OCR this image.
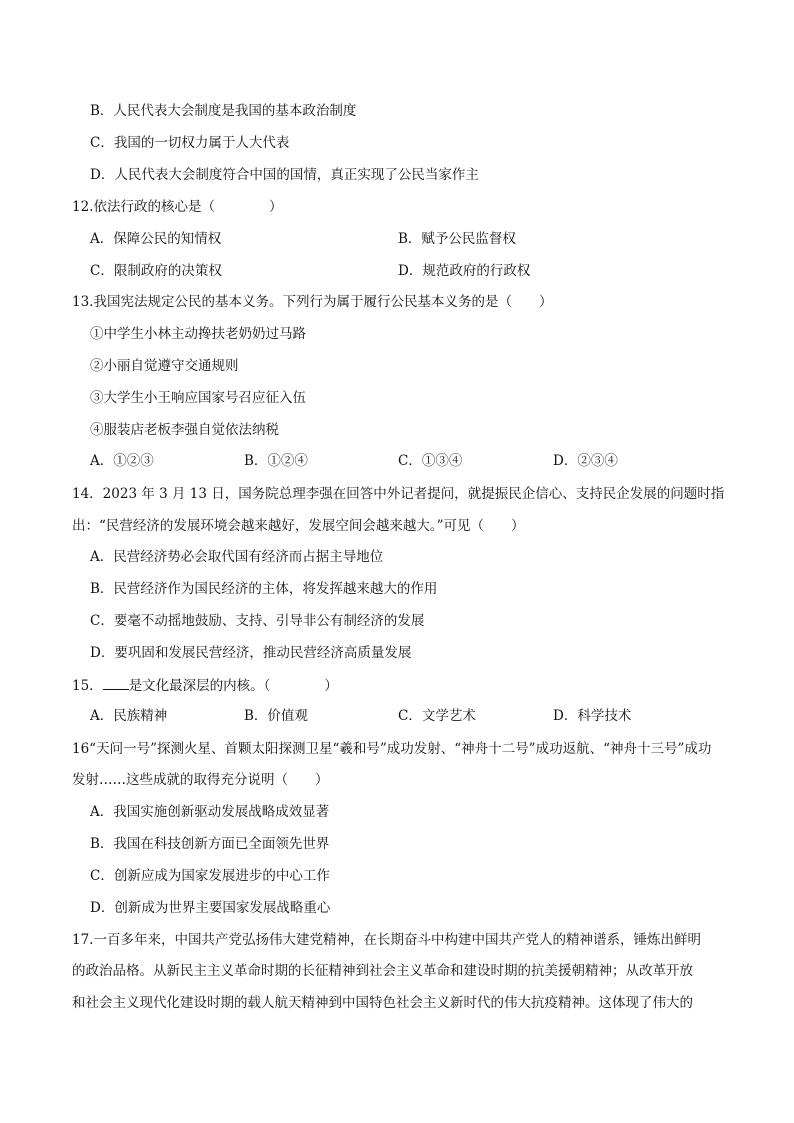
B．人民代表大会制度是我国的基本政治制度
C．我国的一切权力属于人大代表
D．人民代表大会制度符合中国的国情，真正实现了公民当家作主
12.依法行政的核心是（　　　　）
A．保障公民的知情权	B．赋予公民监督权
C．限制政府的决策权	D．规范政府的行政权
13.我国宪法规定公民的基本义务。下列行为属于履行公民基本义务的是（　　）
①中学生小林主动搀扶老奶奶过马路
②小丽自觉遵守交通规则
③大学生小王响应国家号召应征入伍
④服装店老板李强自觉依法纳税
A．①②③	B．①②④	C．①③④	D．②③④
14．2023 年 3 月 13 日，国务院总理李强在回答中外记者提问，就提振民企信心、支持民企发展的问题时指
出：“民营经济的发展环境会越来越好，发展空间会越来越大。”可见（　　）
A．民营经济势必会取代国有经济而占据主导地位
B．民营经济作为国民经济的主体，将发挥越来越大的作用
C．要毫不动摇地鼓励、支持、引导非公有制经济的发展
D．要巩固和发展民营经济，推动民营经济高质量发展
15． 是文化最深层的内核。（　　　　）
A．民族精神	B．价值观	C．文学艺术	D．科学技术
16“天问一号”探测火星、首颗太阳探测卫星“羲和号”成功发射、“神舟十二号”成功返航、“神舟十三号”成功
发射……这些成就的取得充分说明（　　）
A．我国实施创新驱动发展战略成效显著
B．我国在科技创新方面已全面领先世界
C．创新应成为国家发展进步的中心工作
D．创新成为世界主要国家发展战略重心
17.一百多年来，中国共产党弘扬伟大建党精神，在长期奋斗中构建中国共产党人的精神谱系，锤炼出鲜明
的政治品格。从新民主主义革命时期的长征精神到社会主义革命和建设时期的抗美援朝精神；从改革开放
和社会主义现代化建设时期的载人航天精神到中国特色社会主义新时代的伟大抗疫精神。这体现了伟大的
